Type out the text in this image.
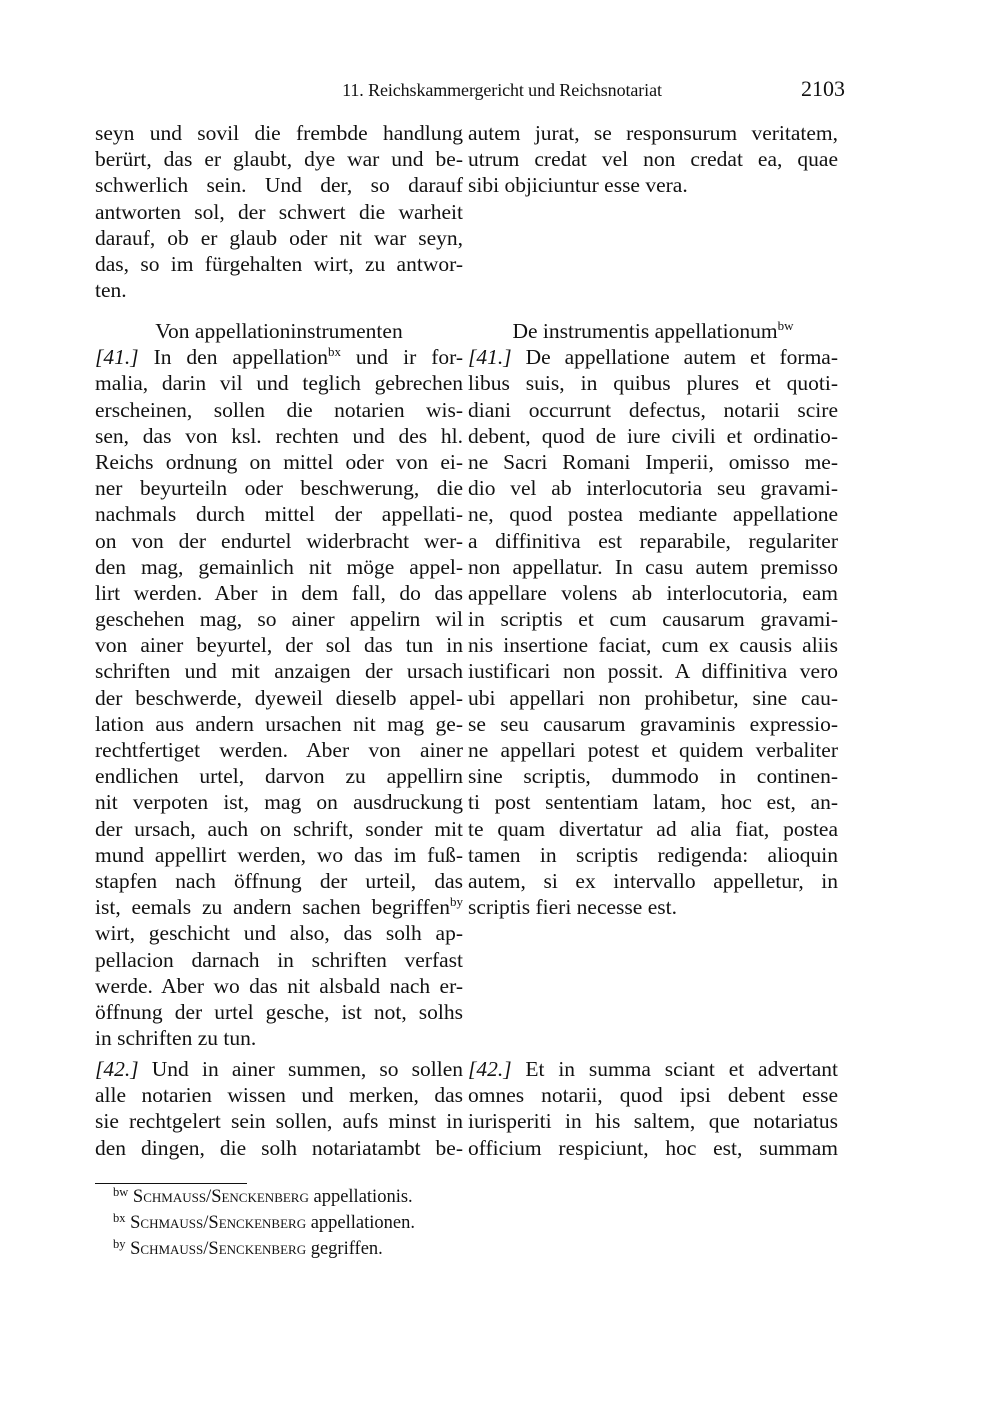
11. Reichskammergericht und Reichsnotariat	2103
seyn und sovil die frembde handlung
berürt, das er glaubt, dye war und be-
schwerlich sein. Und der, so darauf
antworten sol, der schwert die warheit
darauf, ob er glaub oder nit war seyn,
das, so im fürgehalten wirt, zu antwor-
ten.
autem jurat, se responsurum veritatem,
utrum credat vel non credat ea, quae
sibi objiciuntur esse vera.
Von appellationinstrumenten
[41.] In den appellation$^{bx}$ und ir for-
malia, darin vil und teglich gebrechen
erscheinen, sollen die notarien wis-
sen, das von ksl. rechten und des hl.
Reichs ordnung on mittel oder von ei-
ner beyurteiln oder beschwerung, die
nachmals durch mittel der appellati-
on von der endurtel widerbracht wer-
den mag, gemainlich nit möge appel-
lirt werden. Aber in dem fall, do das
geschehen mag, so ainer appelirn wil
von ainer beyurtel, der sol das tun in
schriften und mit anzaigen der ursach
der beschwerde, dyeweil dieselb appel-
lation aus andern ursachen nit mag ge-
rechtfertiget werden. Aber von ainer
endlichen urtel, darvon zu appellirn
nit verpoten ist, mag on ausdruckung
der ursach, auch on schrift, sonder mit
mund appellirt werden, wo das im fuß-
stapfen nach öffnung der urteil, das
ist, eemals zu andern sachen begriffen$^{by}$
wirt, geschicht und also, das solh ap-
pellacion darnach in schriften verfast
werde. Aber wo das nit alsbald nach er-
öffnung der urtel gesche, ist not, solhs
in schriften zu tun.
De instrumentis appellationum$^{bw}$
[41.] De appellatione autem et forma-
libus suis, in quibus plures et quoti-
diani occurrunt defectus, notarii scire
debent, quod de iure civili et ordinatio-
ne Sacri Romani Imperii, omisso me-
dio vel ab interlocutoria seu gravami-
ne, quod postea mediante appellatione
a diffinitiva est reparabile, regulariter
non appellatur. In casu autem premisso
appellare volens ab interlocutoria, eam
in scriptis et cum causarum gravami-
nis insertione faciat, cum ex causis aliis
iustificari non possit. A diffinitiva vero
ubi appellari non prohibetur, sine cau-
se seu causarum gravaminis expressio-
ne appellari potest et quidem verbaliter
sine scriptis, dummodo in continen-
ti post sententiam latam, hoc est, an-
te quam divertatur ad alia fiat, postea
tamen in scriptis redigenda: alioquin
autem, si ex intervallo appelletur, in
scriptis fieri necesse est.
[42.] Und in ainer summen, so sollen
alle notarien wissen und merken, das
sie rechtgelert sein sollen, aufs minst in
den dingen, die solh notariatambt be-
[42.] Et in summa sciant et advertant
omnes notarii, quod ipsi debent esse
iurisperiti in his saltem, que notariatus
officium respiciunt, hoc est, summam
$^{bw}$ Schmauss/Senckenberg appellationis.
$^{bx}$ Schmauss/Senckenberg appellationen.
$^{by}$ Schmauss/Senckenberg gegriffen.
